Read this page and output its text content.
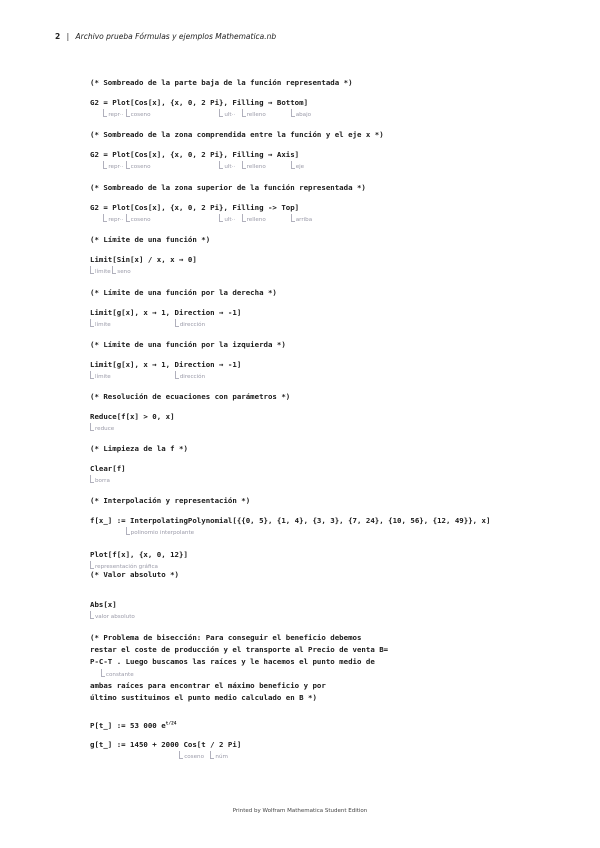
2 | Archivo prueba Fórmulas y ejemplos Mathematica.nb
(* Sombreado de la parte baja de la función representada *)
G2 = Plot[Cos[x], {x, 0, 2 Pi}, Filling → Bottom]
repr··	coseno	ult··	relleno	abajo
(* Sombreado de la zona comprendida entre la función y el eje x *)
G2 = Plot[Cos[x], {x, 0, 2 Pi}, Filling → Axis]
repr··	coseno	ult··	relleno	eje
(* Sombreado de la zona superior de la función representada *)
G2 = Plot[Cos[x], {x, 0, 2 Pi}, Filling -> Top]
repr··	coseno	ult··	relleno	arriba
(* Límite de una función *)
Limit[Sin[x] / x, x → 0]
límite	seno
(* Límite de una función por la derecha *)
Limit[g[x], x → 1, Direction → -1]
límite	dirección
(* Límite de una función por la izquierda *)
Limit[g[x], x → 1, Direction → -1]
límite	dirección
(* Resolución de ecuaciones con parámetros *)
Reduce[f[x] > 0, x]
reduce
(* Limpieza de la f *)
Clear[f]
borra
(* Interpolación y representación *)
f[x_] := InterpolatingPolynomial[{{0, 5}, {1, 4}, {3, 3}, {7, 24}, {10, 56}, {12, 49}}, x]
polinomio interpolante
Plot[f[x], {x, 0, 12}]
representación gráfica
(* Valor absoluto *)
Abs[x]
valor absoluto
(* Problema de bisección: Para conseguir el beneficio debemos
restar el coste de producción y el transporte al Precio de venta B=
P-C-T . Luego buscamos las raíces y le hacemos el punto medio de
ambas raíces para encontrar el máximo beneficio y por
último sustituimos el punto medio calculado en B *)
constante
P[t_] := 53 000 $e^{t/24}$
g[t_] := 1450 + 2000 Cos[t / 2 Pi]
coseno	núm
Printed by Wolfram Mathematica Student Edition
